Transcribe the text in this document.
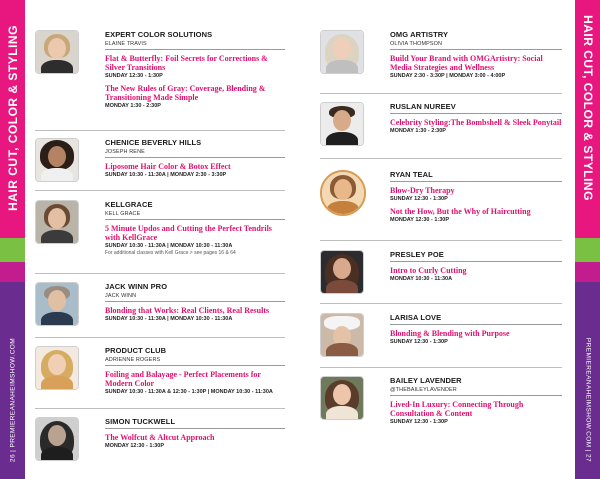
HAIR CUT, COLOR & STYLING
26 | PREMIEREANAHEIMSHOW.COM
HAIR CUT, COLOR & STYLING
PREMIEREANAHEIMSHOW.COM | 27
EXPERT COLOR SOLUTIONS
ELAINE TRAVIS
Flat & Butterfly: Foil Secrets for Corrections & Silver Transitions
SUNDAY 12:30 - 1:30P
The New Rules of Gray: Coverage, Blending & Transitioning Made Simple
MONDAY 1:30 - 2:30P
CHENICE BEVERLY HILLS
JOSEPH RENE
Liposome Hair Color & Botox Effect
SUNDAY 10:30 - 11:30A | MONDAY 2:30 - 3:30P
KELLGRACE
KELL GRACE
5 Minute Updos and Cutting the Perfect Tendrils with KellGrace
SUNDAY 10:30 - 11:30A | MONDAY 10:30 - 11:30A
For additional classes with Kell Grace > see pages 16 & 64
JACK WINN PRO
JACK WINN
Blonding that Works: Real Clients, Real Results
SUNDAY 10:30 - 11:30A | MONDAY 10:30 - 11:30A
PRODUCT CLUB
ADRIENNE ROGERS
Foiling and Balayage - Perfect Placements for Modern Color
SUNDAY 10:30 - 11:30A & 12:30 - 1:30P | MONDAY 10:30 - 11:30A
SIMON TUCKWELL
The Wolfcut & Altcut Approach
MONDAY 12:30 - 1:30P
OMG ARTISTRY
OLIVIA THOMPSON
Build Your Brand with OMGArtistry: Social Media Strategies and Wellness
SUNDAY 2:30 - 3:30P | MONDAY 3:00 - 4:00P
RUSLAN NUREEV
Celebrity Styling:The Bombshell & Sleek Ponytail
MONDAY 1:30 - 2:30P
RYAN TEAL
Blow-Dry Therapy
SUNDAY 12:30 - 1:30P
Not the How, But the Why of Haircutting
MONDAY 12:30 - 1:30P
PRESLEY POE
Intro to Curly Cutting
MONDAY 10:30 - 11:30A
LARISA LOVE
Blonding & Blending with Purpose
SUNDAY 12:30 - 1:30P
BAILEY LAVENDER
@THEBAILEYLAVENDER
Lived-In Luxury: Connecting Through Consultation & Content
SUNDAY 12:30 - 1:30P
